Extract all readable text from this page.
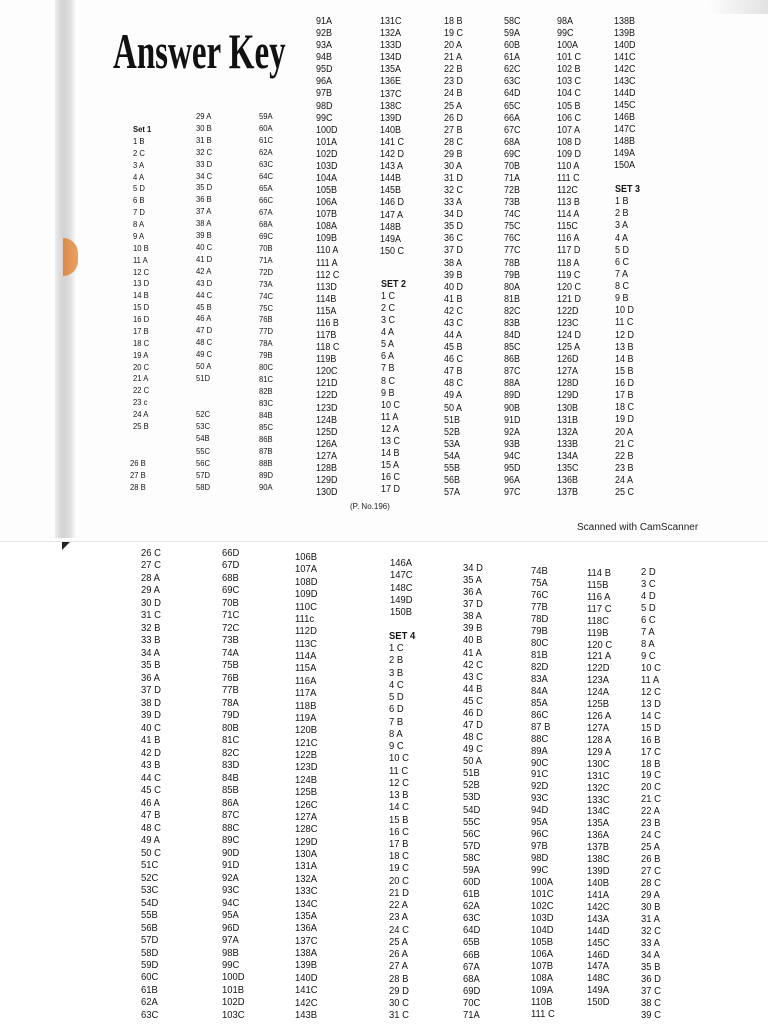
Answer Key
Set 1
1 B
2 C
3 A
4 A
5 D
6 B
7 D
8 A
9 A
10 B
11 A
12 C
13 D
14 B
15 D
16 D
17 B
18 C
19 A
20 C
21 A
22 C
23 c
24 A
25 B
26 B
27 B
28 B
29 A
30 B
31 B
32 C
33 D
34 C
35 D
36 B
37 A
38 A
39 B
40 C
41 D
42 A
43 D
44 C
45 B
46 A
47 D
48 C
49 C
50 A
51D
52C
53C
54B
55C
56C
57D
58D
59A
60A
61C
62A
63C
64C
65A
66C
67A
68A
69C
70B
71A
72D
73A
74C
75C
76B
77D
78A
79B
80C
81C
82B
83C
84B
85C
86B
87B
88B
89D
90A
91A
92B
93A
94B
95D
96A
97B
98D
99C
100D
101A
102D
103D
104A
105B
106A
107B
108A
109B
110 A
111 A
112 C
113D
114B
115A
116 B
117B
118 C
119B
120C
121D
122D
123D
124B
125D
126A
127A
128B
129D
130D
131C
132A
133D
134D
135A
136E
137C
138C
139D
140B
141 C
142 D
143 A
144B
145B
146 D
147 A
148B
149A
150 C
SET 2
1 C
2 C
3 C
4 A
5 A
6 A
7 B
8 C
9 B
10 C
11 A
12 A
13 C
14 B
15 A
16 C
17 D
18 B
19 C
20 A
21 A
22 B
23 D
24 B
25 A
26 D
27 B
28 C
29 B
30 A
31 D
32 C
33 A
34 D
35 D
36 C
37 D
38 A
39 B
40 D
41 B
42 C
43 C
44 A
45 B
46 C
47 B
48 C
49 A
50 A
51B
52B
53A
54A
55B
56B
57A
58C
59A
60B
61A
62C
63C
64D
65C
66A
67C
68A
69C
70B
71A
72B
73B
74C
75C
76C
77C
78B
79B
80A
81B
82C
83B
84D
85C
86B
87C
88A
89D
90B
91D
92A
93B
94C
95D
96A
97C
98A
99C
100A
101 C
102 B
103 C
104 C
105 B
106 C
107 A
108 D
109 D
110 A
111 C
112C
113 B
114 A
115C
116 A
117 D
118 A
119 C
120 C
121 D
122D
123C
124 D
125 A
126D
127A
128D
129D
130B
131B
132A
133B
134A
135C
136B
137B
138B
139B
140D
141C
142C
143C
144D
145C
146B
147C
148B
149A
150A
SET 3
1 B
2 B
3 A
4 A
5 D
6 C
7 A
8 C
9 B
10 D
11 C
12 D
13 B
14 B
15 B
16 D
17 B
18 C
19 D
20 A
21 C
22 B
23 B
24 A
25 C
(P. No.196)
Scanned with CamScanner
26 C
27 C
28 A
29 A
30 D
31 C
32 B
33 B
34 A
35 B
36 A
37 D
38 D
39 D
40 C
41 B
42 D
43 B
44 C
45 C
46 A
47 B
48 C
49 A
50 C
51C
52C
53C
54D
55B
56B
57D
58D
59D
60C
61B
62A
63C
66D
67D
68B
69C
70B
71C
72C
73B
74A
75B
76B
77B
78A
79D
80B
81C
82C
83D
84B
85B
86A
87C
88C
89C
90D
91D
92A
93C
94C
95A
96D
97A
98B
99C
100D
101B
102D
103C
106B
107A
108D
109D
110C
111c
112D
113C
114A
115A
116A
117A
118B
119A
120B
121C
122B
123D
124B
125B
126C
127A
128C
129D
130A
131A
132A
133C
134C
135A
136A
137C
138A
139B
140D
141C
142C
143B
146A
147C
148C
149D
150B
SET 4
1 C
2 B
3 B
4 C
5 D
6 D
7 B
8 A
9 C
10 C
11 C
12 C
13 B
14 C
15 B
16 C
17 B
18 C
19 C
20 C
21 D
22 A
23 A
24 C
25 A
26 A
27 A
28 B
29 D
30 C
31 C
34 D
35 A
36 A
37 D
38 A
39 B
40 B
41 A
42 C
43 C
44 B
45 C
46 D
47 D
48 C
49 C
50 A
51B
52B
53D
54D
55C
56C
57D
58C
59A
60D
61B
62A
63C
64D
65B
66B
67A
68A
69D
70C
71A
74B
75A
76C
77B
78D
79B
80C
81B
82D
83A
84A
85A
86C
87 B
88C
89A
90C
91C
92D
93C
94D
95A
96C
97B
98D
99C
100A
101C
102C
103D
104D
105B
106A
107B
108A
109A
110B
111 C
114 B
115B
116 A
117 C
118C
119B
120 C
121 A
122D
123A
124A
125B
126 A
127A
128 A
129 A
130C
131C
132C
133C
134C
135A
136A
137B
138C
139D
140B
141A
142C
143A
144D
145C
146D
147A
148C
149A
150D
2 D
3 C
4 D
5 D
6 C
7 A
8 A
9 C
10 C
11 A
12 C
13 D
14 C
15 D
16 B
17 C
18 B
19 C
20 C
21 C
22 A
23 B
24 C
25 A
26 B
27 C
28 C
29 A
30 B
31 A
32 C
33 A
34 A
35 B
36 D
37 C
38 C
39 C
